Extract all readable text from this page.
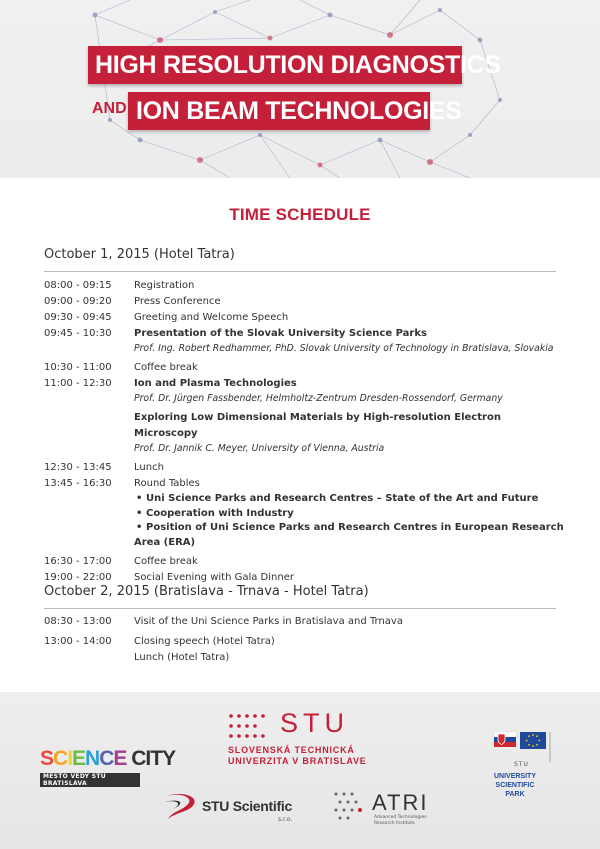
HIGH RESOLUTION DIAGNOSTICS
AND ION BEAM TECHNOLOGIES
TIME SCHEDULE
October 1, 2015 (Hotel Tatra)
08:00 - 09:15	Registration
09:00 - 09:20	Press Conference
09:30 - 09:45	Greeting and Welcome Speech
09:45 - 10:30	Presentation of the Slovak University Science Parks
Prof. Ing. Robert Redhammer, PhD. Slovak University of Technology in Bratislava, Slovakia
10:30 - 11:00	Coffee break
11:00 - 12:30	Ion and Plasma Technologies
Prof. Dr. Jürgen Fassbender, Helmholtz-Zentrum Dresden-Rossendorf, Germany
Exploring Low Dimensional Materials by High-resolution Electron Microscopy
Prof. Dr. Jannik C. Meyer, University of Vienna, Austria
12:30 - 13:45	Lunch
13:45 - 16:30	Round Tables
• Uni Science Parks and Research Centres – State of the Art and Future
• Cooperation with Industry
• Position of Uni Science Parks and Research Centres in European Research Area (ERA)
16:30 - 17:00	Coffee break
19:00 - 22:00	Social Evening with Gala Dinner
October 2, 2015 (Bratislava - Trnava - Hotel Tatra)
08:30 - 13:00	Visit of the Uni Science Parks in Bratislava and Trnava
13:00 - 14:00	Closing speech (Hotel Tatra)
Lunch (Hotel Tatra)
SCIENCE CITY
MESTO VEDY STU BRATISLAVA
STU
SLOVENSKÁ TECHNICKÁ
UNIVERZITA V BRATISLAVE
STU Scientific
s.r.o.
ATRI
Advanced Technologies
Research Institute
STU
UNIVERSITY
SCIENTIFIC
PARK
